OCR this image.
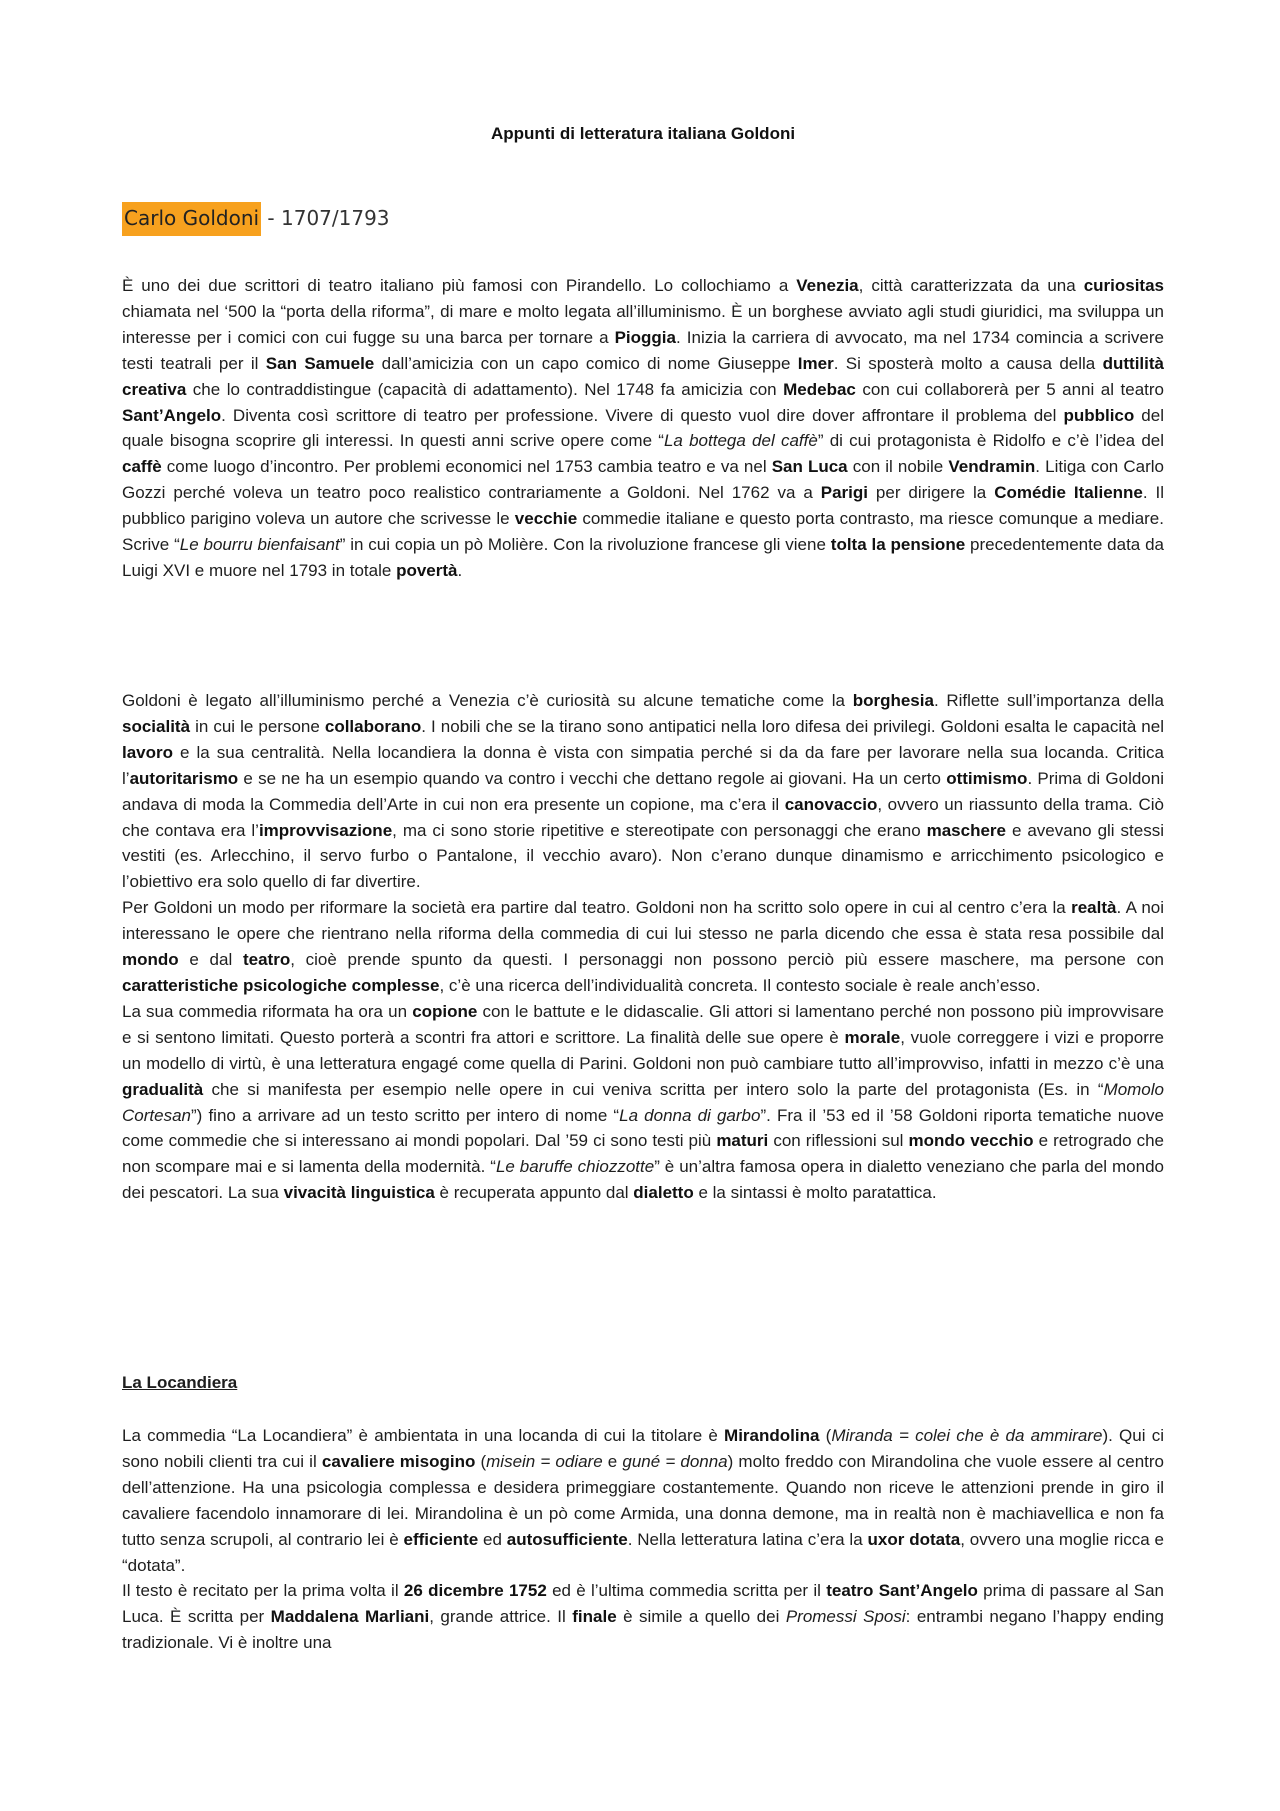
Appunti di letteratura italiana Goldoni
Carlo Goldoni - 1707/1793

È uno dei due scrittori di teatro italiano più famosi con Pirandello. Lo collochiamo a Venezia, città caratterizzata da una curiositas chiamata nel ‘500 la “porta della riforma”, di mare e molto legata all’illuminismo. È un borghese avviato agli studi giuridici, ma sviluppa un interesse per i comici con cui fugge su una barca per tornare a Pioggia. Inizia la carriera di avvocato, ma nel 1734 comincia a scrivere testi teatrali per il San Samuele dall’amicizia con un capo comico di nome Giuseppe Imer. Si sposterà molto a causa della duttilità creativa che lo contraddistingue (capacità di adattamento). Nel 1748 fa amicizia con Medebac con cui collaborerà per 5 anni al teatro Sant’Angelo. Diventa così scrittore di teatro per professione. Vivere di questo vuol dire dover affrontare il problema del pubblico del quale bisogna scoprire gli interessi. In questi anni scrive opere come “La bottega del caffè” di cui protagonista è Ridolfo e c’è l’idea del caffè come luogo d’incontro. Per problemi economici nel 1753 cambia teatro e va nel San Luca con il nobile Vendramin. Litiga con Carlo Gozzi perché voleva un teatro poco realistico contrariamente a Goldoni. Nel 1762 va a Parigi per dirigere la Comédie Italienne. Il pubblico parigino voleva un autore che scrivesse le vecchie commedie italiane e questo porta contrasto, ma riesce comunque a mediare. Scrive “Le bourru bienfaisant” in cui copia un pò Molière. Con la rivoluzione francese gli viene tolta la pensione precedentemente data da Luigi XVI e muore nel 1793 in totale povertà.

Goldoni è legato all’illuminismo perché a Venezia c’è curiosità su alcune tematiche come la borghesia. Riflette sull’importanza della socialità in cui le persone collaborano. I nobili che se la tirano sono antipatici nella loro difesa dei privilegi. Goldoni esalta le capacità nel lavoro e la sua centralità. Nella locandiera la donna è vista con simpatia perché si da da fare per lavorare nella sua locanda. Critica l’autoritarismo e se ne ha un esempio quando va contro i vecchi che dettano regole ai giovani. Ha un certo ottimismo. Prima di Goldoni andava di moda la Commedia dell’Arte in cui non era presente un copione, ma c’era il canovaccio, ovvero un riassunto della trama. Ciò che contava era l’improvvisazione, ma ci sono storie ripetitive e stereotipate con personaggi che erano maschere e avevano gli stessi vestiti (es. Arlecchino, il servo furbo o Pantalone, il vecchio avaro). Non c’erano dunque dinamismo e arricchimento psicologico e l’obiettivo era solo quello di far divertire.

Per Goldoni un modo per riformare la società era partire dal teatro. Goldoni non ha scritto solo opere in cui al centro c’era la realtà. A noi interessano le opere che rientrano nella riforma della commedia di cui lui stesso ne parla dicendo che essa è stata resa possibile dal mondo e dal teatro, cioè prende spunto da questi. I personaggi non possono perciò più essere maschere, ma persone con caratteristiche psicologiche complesse, c’è una ricerca dell’individualità concreta. Il contesto sociale è reale anch’esso.

La sua commedia riformata ha ora un copione con le battute e le didascalie. Gli attori si lamentano perché non possono più improvvisare e si sentono limitati. Questo porterà a scontri fra attori e scrittore. La finalità delle sue opere è morale, vuole correggere i vizi e proporre un modello di virtù, è una letteratura engagé come quella di Parini. Goldoni non può cambiare tutto all’improvviso, infatti in mezzo c’è una gradualità che si manifesta per esempio nelle opere in cui veniva scritta per intero solo la parte del protagonista (Es. in “Momolo Cortesan”) fino a arrivare ad un testo scritto per intero di nome “La donna di garbo”. Fra il ’53 ed il ’58 Goldoni riporta tematiche nuove come commedie che si interessano ai mondi popolari. Dal ’59 ci sono testi più maturi con riflessioni sul mondo vecchio e retrogrado che non scompare mai e si lamenta della modernità. “Le baruffe chiozzotte” è un’altra famosa opera in dialetto veneziano che parla del mondo dei pescatori. La sua vivacità linguistica è recuperata appunto dal dialetto e la sintassi è molto paratattica.

La Locandiera

La commedia “La Locandiera” è ambientata in una locanda di cui la titolare è Mirandolina (Miranda = colei che è da ammirare). Qui ci sono nobili clienti tra cui il cavaliere misogino (misein = odiare e guné = donna) molto freddo con Mirandolina che vuole essere al centro dell’attenzione. Ha una psicologia complessa e desidera primeggiare costantemente. Quando non riceve le attenzioni prende in giro il cavaliere facendolo innamorare di lei. Mirandolina è un pò come Armida, una donna demone, ma in realtà non è machiavellica e non fa tutto senza scrupoli, al contrario lei è efficiente ed autosufficiente. Nella letteratura latina c’era la uxor dotata, ovvero una moglie ricca e “dotata”.

Il testo è recitato per la prima volta il 26 dicembre 1752 ed è l’ultima commedia scritta per il teatro Sant’Angelo prima di passare al San Luca. È scritta per Maddalena Marliani, grande attrice. Il finale è simile a quello dei Promessi Sposi: entrambi negano l’happy ending tradizionale. Vi è inoltre una
